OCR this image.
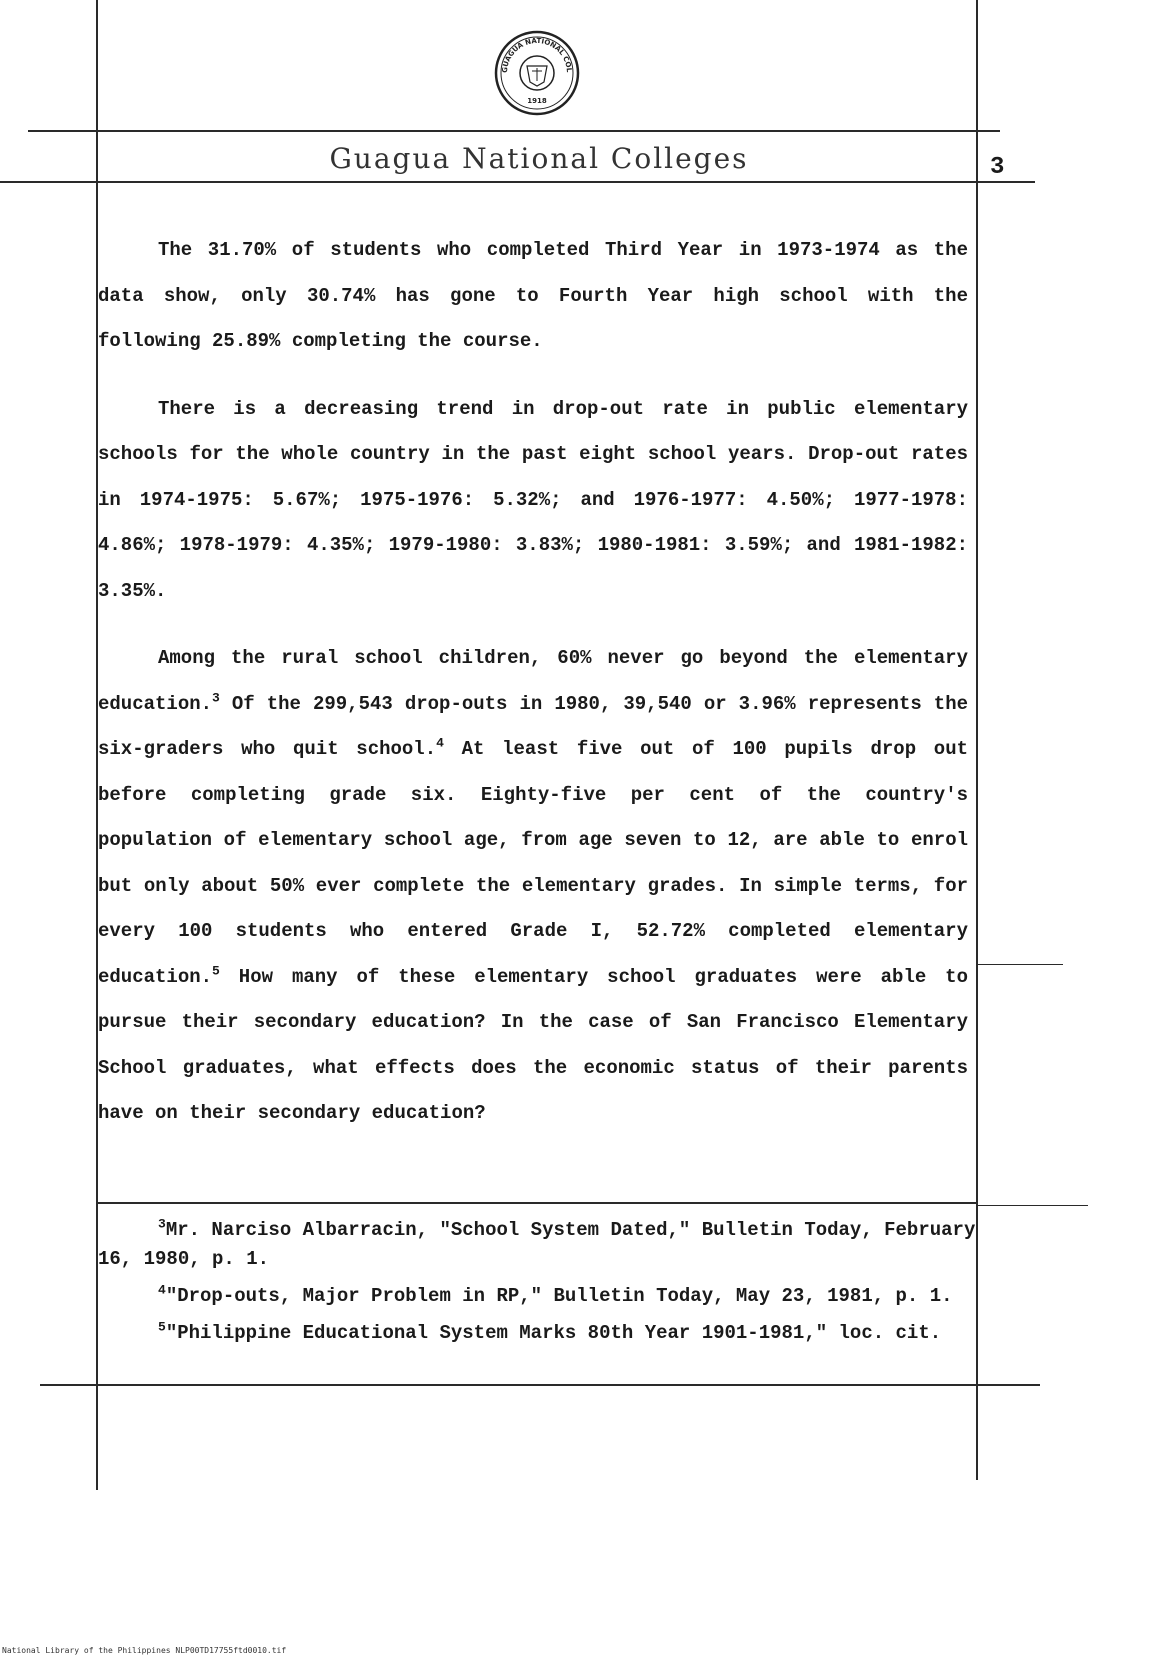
GUAGUA NATIONAL COL
1918
Guagua National Colleges	3

The 31.70% of students who completed Third Year in 1973-1974 as the data show, only 30.74% has gone to Fourth Year high school with the following 25.89% completing the course.

There is a decreasing trend in drop-out rate in public elementary schools for the whole country in the past eight school years. Drop-out rates in 1974-1975: 5.67%; 1975-1976: 5.32%; and 1976-1977: 4.50%; 1977-1978: 4.86%; 1978-1979: 4.35%; 1979-1980: 3.83%; 1980-1981: 3.59%; and 1981-1982: 3.35%.

Among the rural school children, 60% never go beyond the elementary education.$^3$ Of the 299,543 drop-outs in 1980, 39,540 or 3.96% represents the six-graders who quit school.$^4$ At least five out of 100 pupils drop out before completing grade six. Eighty-five per cent of the country's population of elementary school age, from age seven to 12, are able to enrol but only about 50% ever complete the elementary grades. In simple terms, for every 100 students who entered Grade I, 52.72% completed elementary education.$^5$ How many of these elementary school graduates were able to pursue their secondary education? In the case of San Francisco Elementary School graduates, what effects does the economic status of their parents have on their secondary education?

$^3$Mr. Narciso Albarracin, "School System Dated," Bulletin Today, February 16, 1980, p. 1.

$^4$"Drop-outs, Major Problem in RP," Bulletin Today, May 23, 1981, p. 1.

$^5$"Philippine Educational System Marks 80th Year 1901-1981," loc. cit.

National Library of the Philippines NLP00TD17755ftd0010.tif
